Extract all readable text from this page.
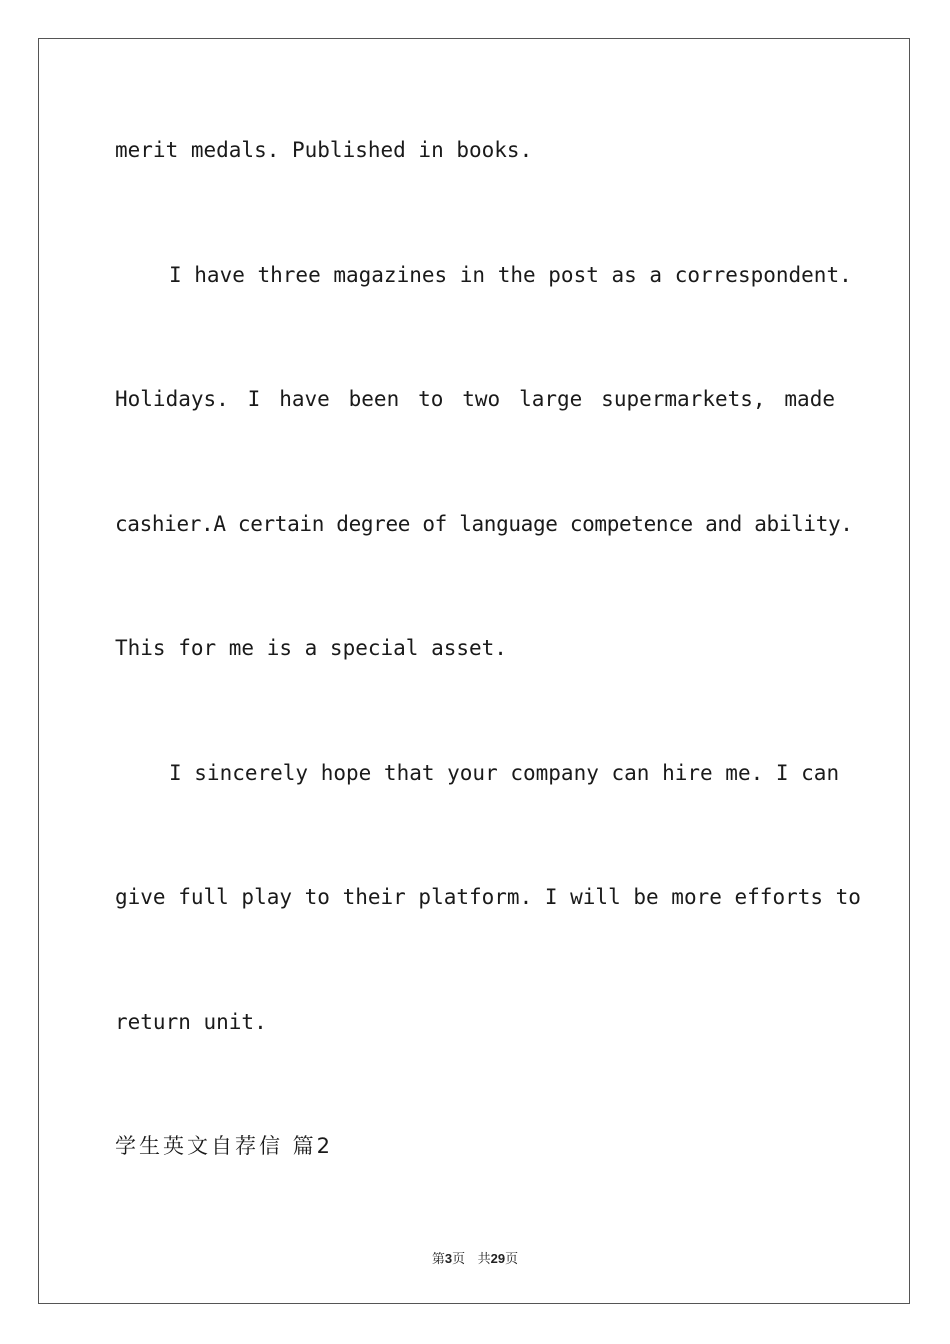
merit medals. Published in books.
I have three magazines in the post as a correspondent.
Holidays. I have been to two large supermarkets, made
cashier.A certain degree of language competence and ability.
This for me is a special asset.
I sincerely hope that your company can hire me. I can
give full play to their platform. I will be more efforts to
return unit.
学生英文自荐信 篇2
第3页 共29页
